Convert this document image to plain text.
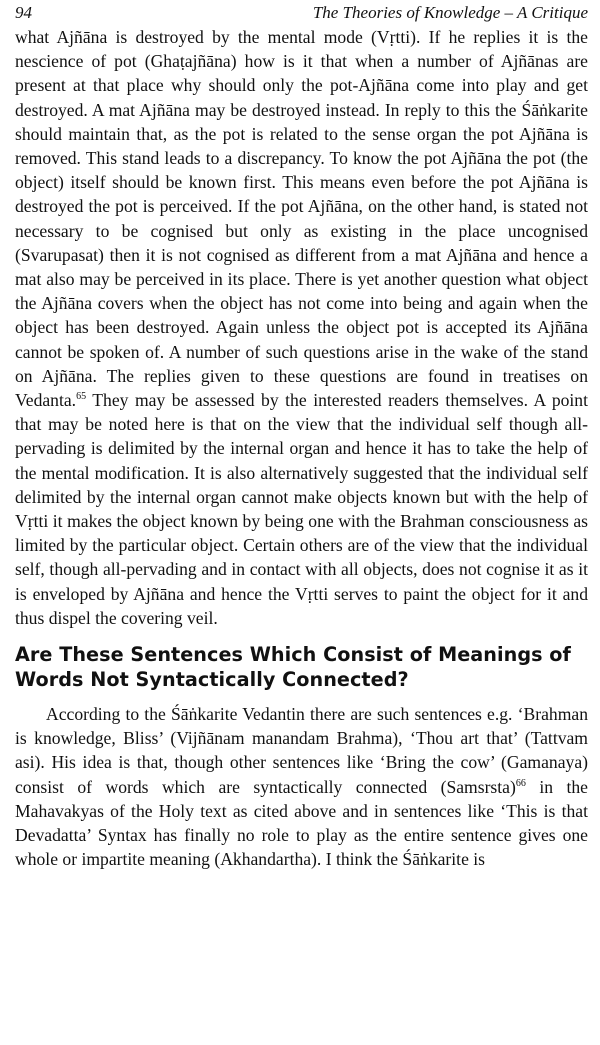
94	The Theories of Knowledge – A Critique

what Ajñāna is destroyed by the mental mode (Vṛtti). If he replies it is the nescience of pot (Ghaṭajñāna) how is it that when a number of Ajñānas are present at that place why should only the pot-Ajñāna come into play and get destroyed. A mat Ajñāna may be destroyed instead. In reply to this the Śāṅkarite should maintain that, as the pot is related to the sense organ the pot Ajñāna is removed. This stand leads to a discrepancy. To know the pot Ajñāna the pot (the object) itself should be known first. This means even before the pot Ajñāna is destroyed the pot is perceived. If the pot Ajñāna, on the other hand, is stated not necessary to be cognised but only as existing in the place uncognised (Svarupasat) then it is not cognised as different from a mat Ajñāna and hence a mat also may be perceived in its place. There is yet another question what object the Ajñāna covers when the object has not come into being and again when the object has been destroyed. Again unless the object pot is accepted its Ajñāna cannot be spoken of. A number of such questions arise in the wake of the stand on Ajñāna. The replies given to these questions are found in treatises on Vedanta.$^{65}$ They may be assessed by the interested readers themselves. A point that may be noted here is that on the view that the individual self though all-pervading is delimited by the internal organ and hence it has to take the help of the mental modification. It is also alternatively suggested that the individual self delimited by the internal organ cannot make objects known but with the help of Vṛtti it makes the object known by being one with the Brahman consciousness as limited by the particular object. Certain others are of the view that the individual self, though all-pervading and in contact with all objects, does not cognise it as it is enveloped by Ajñāna and hence the Vṛtti serves to paint the object for it and thus dispel the covering veil.

Are These Sentences Which Consist of Meanings of Words Not Syntactically Connected?

According to the Śāṅkarite Vedantin there are such sentences e.g. ‘Brahman is knowledge, Bliss’ (Vijñānam manandam Brahma), ‘Thou art that’ (Tattvam asi). His idea is that, though other sentences like ‘Bring the cow’ (Gamanaya) consist of words which are syntactically connected (Samsrsta)$^{66}$ in the Mahavakyas of the Holy text as cited above and in sentences like ‘This is that Devadatta’ Syntax has finally no role to play as the entire sentence gives one whole or impartite meaning (Akhandartha). I think the Śāṅkarite is
